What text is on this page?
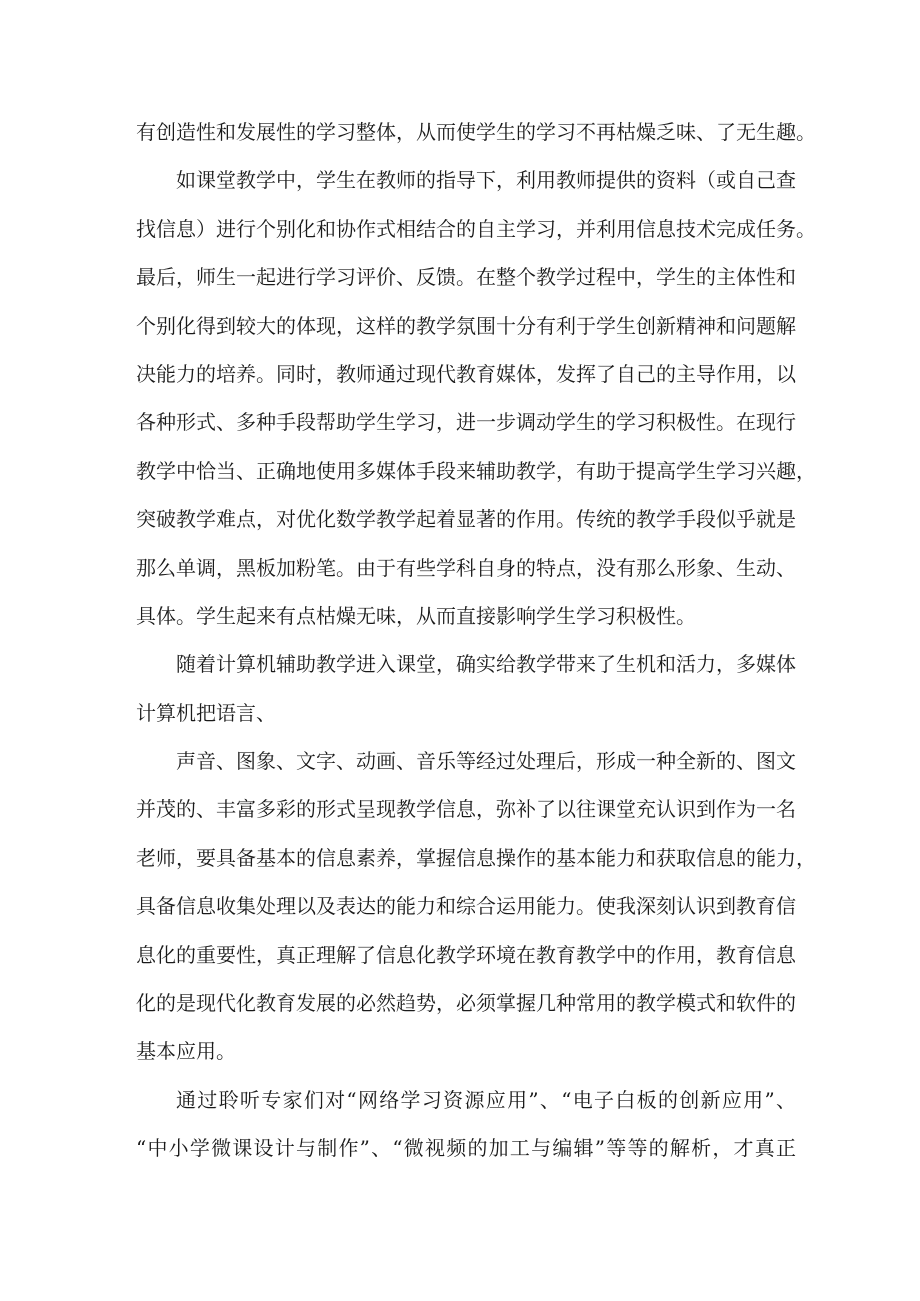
有创造性和发展性的学习整体，从而使学生的学习不再枯燥乏味、了无生趣。
如课堂教学中，学生在教师的指导下，利用教师提供的资料（或自己查
找信息）进行个别化和协作式相结合的自主学习，并利用信息技术完成任务。
最后，师生一起进行学习评价、反馈。在整个教学过程中，学生的主体性和
个别化得到较大的体现，这样的教学氛围十分有利于学生创新精神和问题解
决能力的培养。同时，教师通过现代教育媒体，发挥了自己的主导作用，以
各种形式、多种手段帮助学生学习，进一步调动学生的学习积极性。在现行
教学中恰当、正确地使用多媒体手段来辅助教学，有助于提高学生学习兴趣，
突破教学难点，对优化数学教学起着显著的作用。传统的教学手段似乎就是
那么单调，黑板加粉笔。由于有些学科自身的特点，没有那么形象、生动、
具体。学生起来有点枯燥无味，从而直接影响学生学习积极性。
随着计算机辅助教学进入课堂，确实给教学带来了生机和活力，多媒体
计算机把语言、
声音、图象、文字、动画、音乐等经过处理后，形成一种全新的、图文
并茂的、丰富多彩的形式呈现教学信息，弥补了以往课堂充认识到作为一名
老师，要具备基本的信息素养，掌握信息操作的基本能力和获取信息的能力，
具备信息收集处理以及表达的能力和综合运用能力。使我深刻认识到教育信
息化的重要性，真正理解了信息化教学环境在教育教学中的作用，教育信息
化的是现代化教育发展的必然趋势，必须掌握几种常用的教学模式和软件的
基本应用。
通过聆听专家们对“网络学习资源应用”、“电子白板的创新应用”、
“中小学微课设计与制作”、“微视频的加工与编辑”等等的解析，才真正
